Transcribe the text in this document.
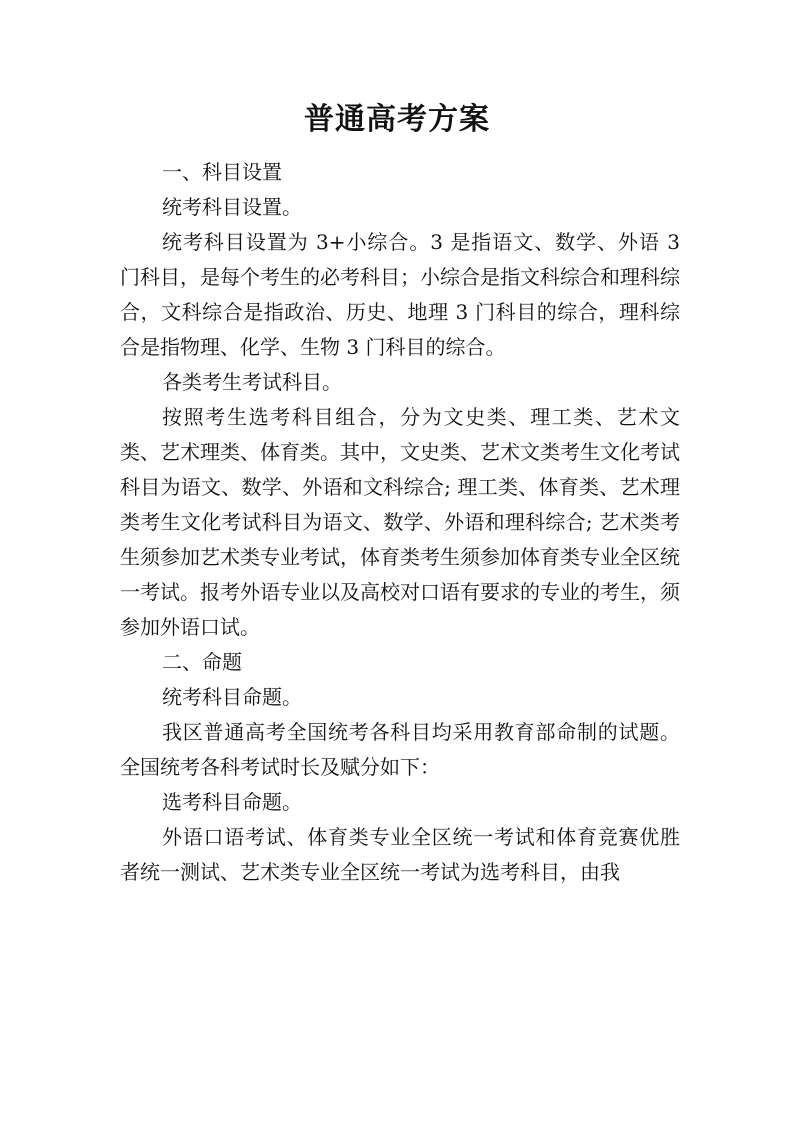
普通高考方案

一、科目设置

统考科目设置。

统考科目设置为 3+小综合。3 是指语文、数学、外语 3 门科目，是每个考生的必考科目；小综合是指文科综合和理科综合，文科综合是指政治、历史、地理 3 门科目的综合，理科综合是指物理、化学、生物 3 门科目的综合。

各类考生考试科目。

按照考生选考科目组合，分为文史类、理工类、艺术文类、艺术理类、体育类。其中，文史类、艺术文类考生文化考试科目为语文、数学、外语和文科综合; 理工类、体育类、艺术理类考生文化考试科目为语文、数学、外语和理科综合; 艺术类考生须参加艺术类专业考试，体育类考生须参加体育类专业全区统一考试。报考外语专业以及高校对口语有要求的专业的考生，须参加外语口试。

二、命题

统考科目命题。

我区普通高考全国统考各科目均采用教育部命制的试题。全国统考各科考试时长及赋分如下：

选考科目命题。

外语口语考试、体育类专业全区统一考试和体育竞赛优胜者统一测试、艺术类专业全区统一考试为选考科目，由我
